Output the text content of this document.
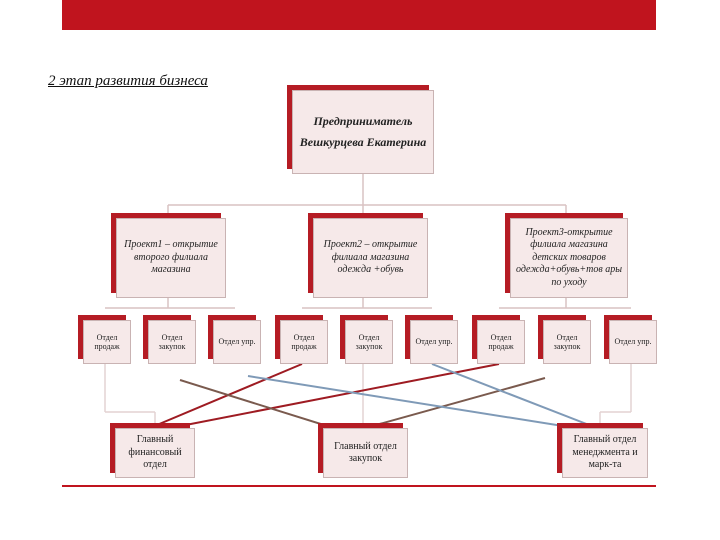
2 этап развития бизнеса
Предприниматель
Вешкурцева Екатерина
Проект1 – открытие второго филиала магазина
Проект2 – открытие филиала магазина одежда +обувь
Проект3-открытие филиала магазина детских товаров одежда+обувь+тов ары по уходу
Отдел продаж
Отдел закупок
Отдел упр.
Отдел продаж
Отдел закупок
Отдел упр.
Отдел продаж
Отдел закупок
Отдел упр.
Главный финансовый отдел
Главный отдел закупок
Главный отдел менеджмента и марк-та
